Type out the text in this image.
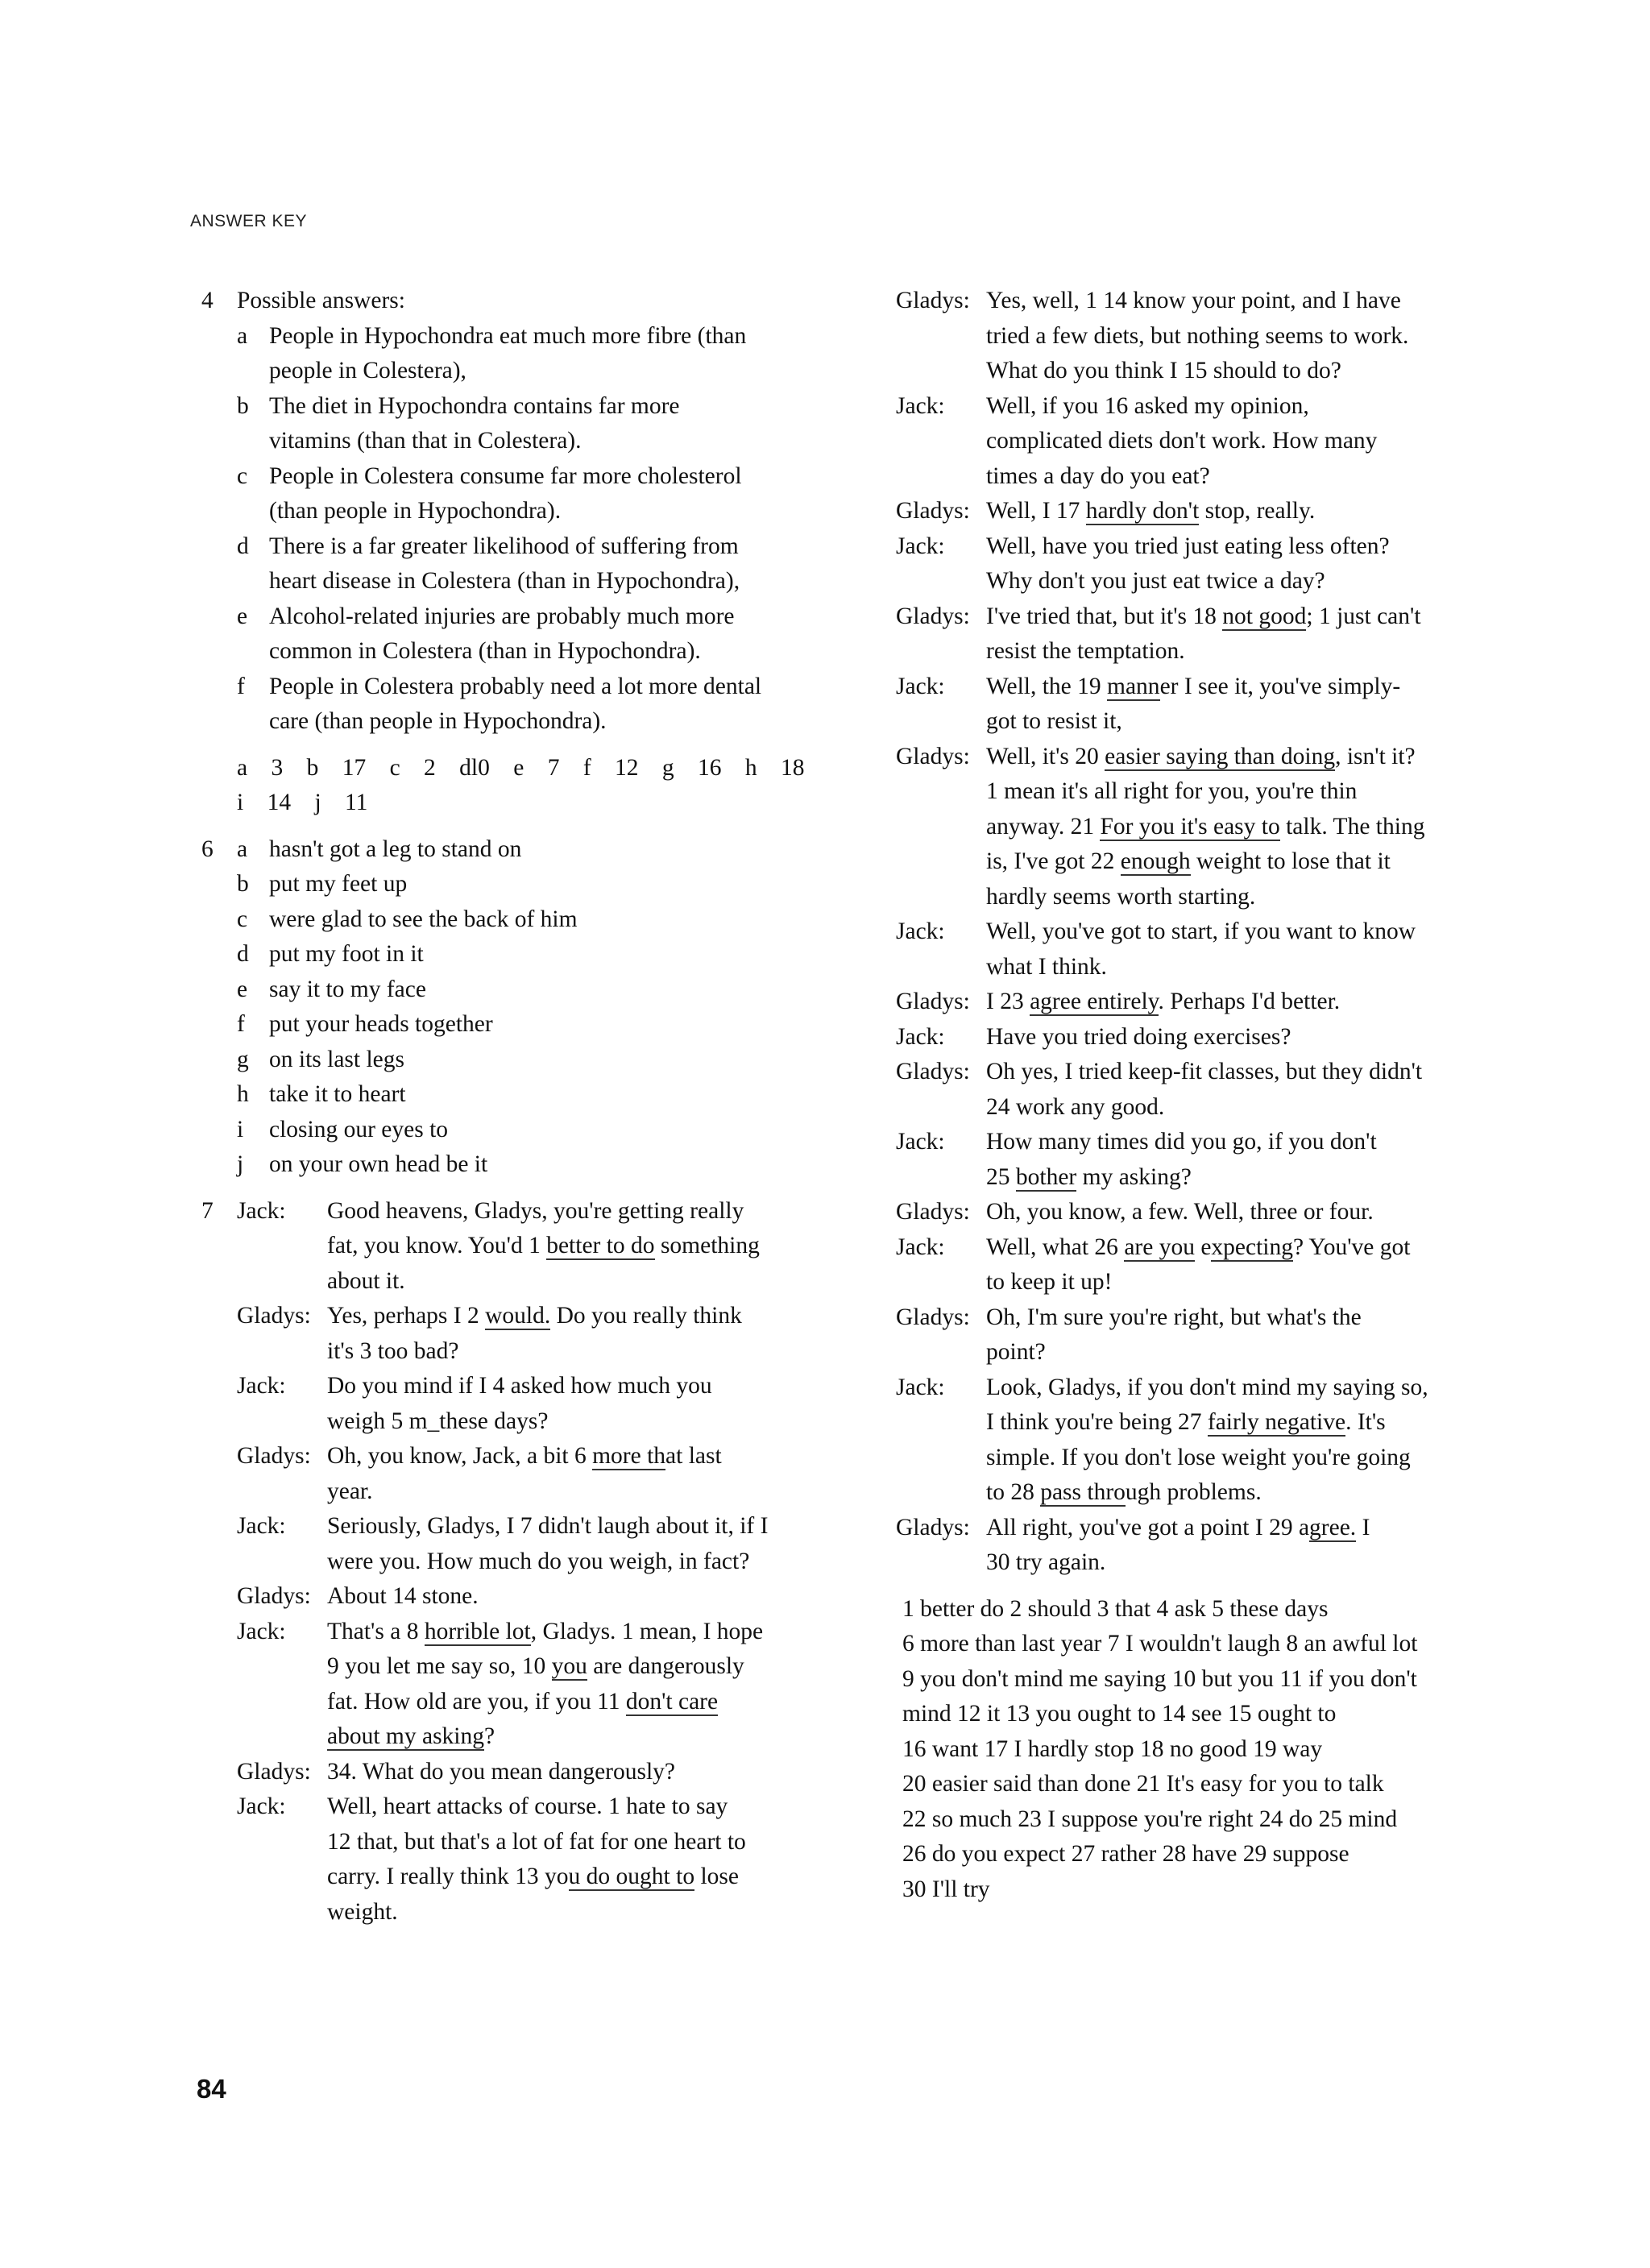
ANSWER KEY
4 Possible answers:
a People in Hypochondra eat much more fibre (than
people in Colestera),
b The diet in Hypochondra contains far more
vitamins (than that in Colestera).
c People in Colestera consume far more cholesterol
(than people in Hypochondra).
d There is a far greater likelihood of suffering from
heart disease in Colestera (than in Hypochondra),
e Alcohol-related injuries are probably much more
common in Colestera (than in Hypochondra).
f People in Colestera probably need a lot more dental
care (than people in Hypochondra).
a 3 b 17 c 2 dl0 e 7 f 12 g 16 h 18
i 14 j 11
6 a hasn't got a leg to stand on
b put my feet up
c were glad to see the back of him
d put my foot in it
e say it to my face
f put your heads together
g on its last legs
h take it to heart
i closing our eyes to
j on your own head be it
7 Jack: Good heavens, Gladys, you're getting really
fat, you know. You'd 1 better to do something
about it.
Gladys: Yes, perhaps I 2 would. Do you really think
it's 3 too bad?
Jack: Do you mind if I 4 asked how much you
weigh 5 m_these days?
Gladys: Oh, you know, Jack, a bit 6 more that last
year.
Jack: Seriously, Gladys, I 7 didn't laugh about it, if I
were you. How much do you weigh, in fact?
Gladys: About 14 stone.
Jack: That's a 8 horrible lot, Gladys. 1 mean, I hope
9 you let me say so, 10 you are dangerously
fat. How old are you, if you 11 don't care
about my asking?
Gladys: 34. What do you mean dangerously?
Jack: Well, heart attacks of course. 1 hate to say
12 that, but that's a lot of fat for one heart to
carry. I really think 13 you do ought to lose
weight.
Gladys: Yes, well, 1 14 know your point, and I have
tried a few diets, but nothing seems to work.
What do you think I 15 should to do?
Jack: Well, if you 16 asked my opinion,
complicated diets don't work. How many
times a day do you eat?
Gladys: Well, I 17 hardly don't stop, really.
Jack: Well, have you tried just eating less often?
Why don't you just eat twice a day?
Gladys: I've tried that, but it's 18 not good; 1 just can't
resist the temptation.
Jack: Well, the 19 manner I see it, you've simply-
got to resist it,
Gladys: Well, it's 20 easier saying than doing, isn't it?
1 mean it's all right for you, you're thin
anyway. 21 For you it's easy to talk. The thing
is, I've got 22 enough weight to lose that it
hardly seems worth starting.
Jack: Well, you've got to start, if you want to know
what I think.
Gladys: I 23 agree entirely. Perhaps I'd better.
Jack: Have you tried doing exercises?
Gladys: Oh yes, I tried keep-fit classes, but they didn't
24 work any good.
Jack: How many times did you go, if you don't
25 bother my asking?
Gladys: Oh, you know, a few. Well, three or four.
Jack: Well, what 26 are you expecting? You've got
to keep it up!
Gladys: Oh, I'm sure you're right, but what's the
point?
Jack: Look, Gladys, if you don't mind my saying so,
I think you're being 27 fairly negative. It's
simple. If you don't lose weight you're going
to 28 pass through problems.
Gladys: All right, you've got a point I 29 agree. I
30 try again.
1 better do 2 should 3 that 4 ask 5 these days
6 more than last year 7 I wouldn't laugh 8 an awful lot
9 you don't mind me saying 10 but you 11 if you don't
mind 12 it 13 you ought to 14 see 15 ought to
16 want 17 I hardly stop 18 no good 19 way
20 easier said than done 21 It's easy for you to talk
22 so much 23 I suppose you're right 24 do 25 mind
26 do you expect 27 rather 28 have 29 suppose
30 I'll try
84
